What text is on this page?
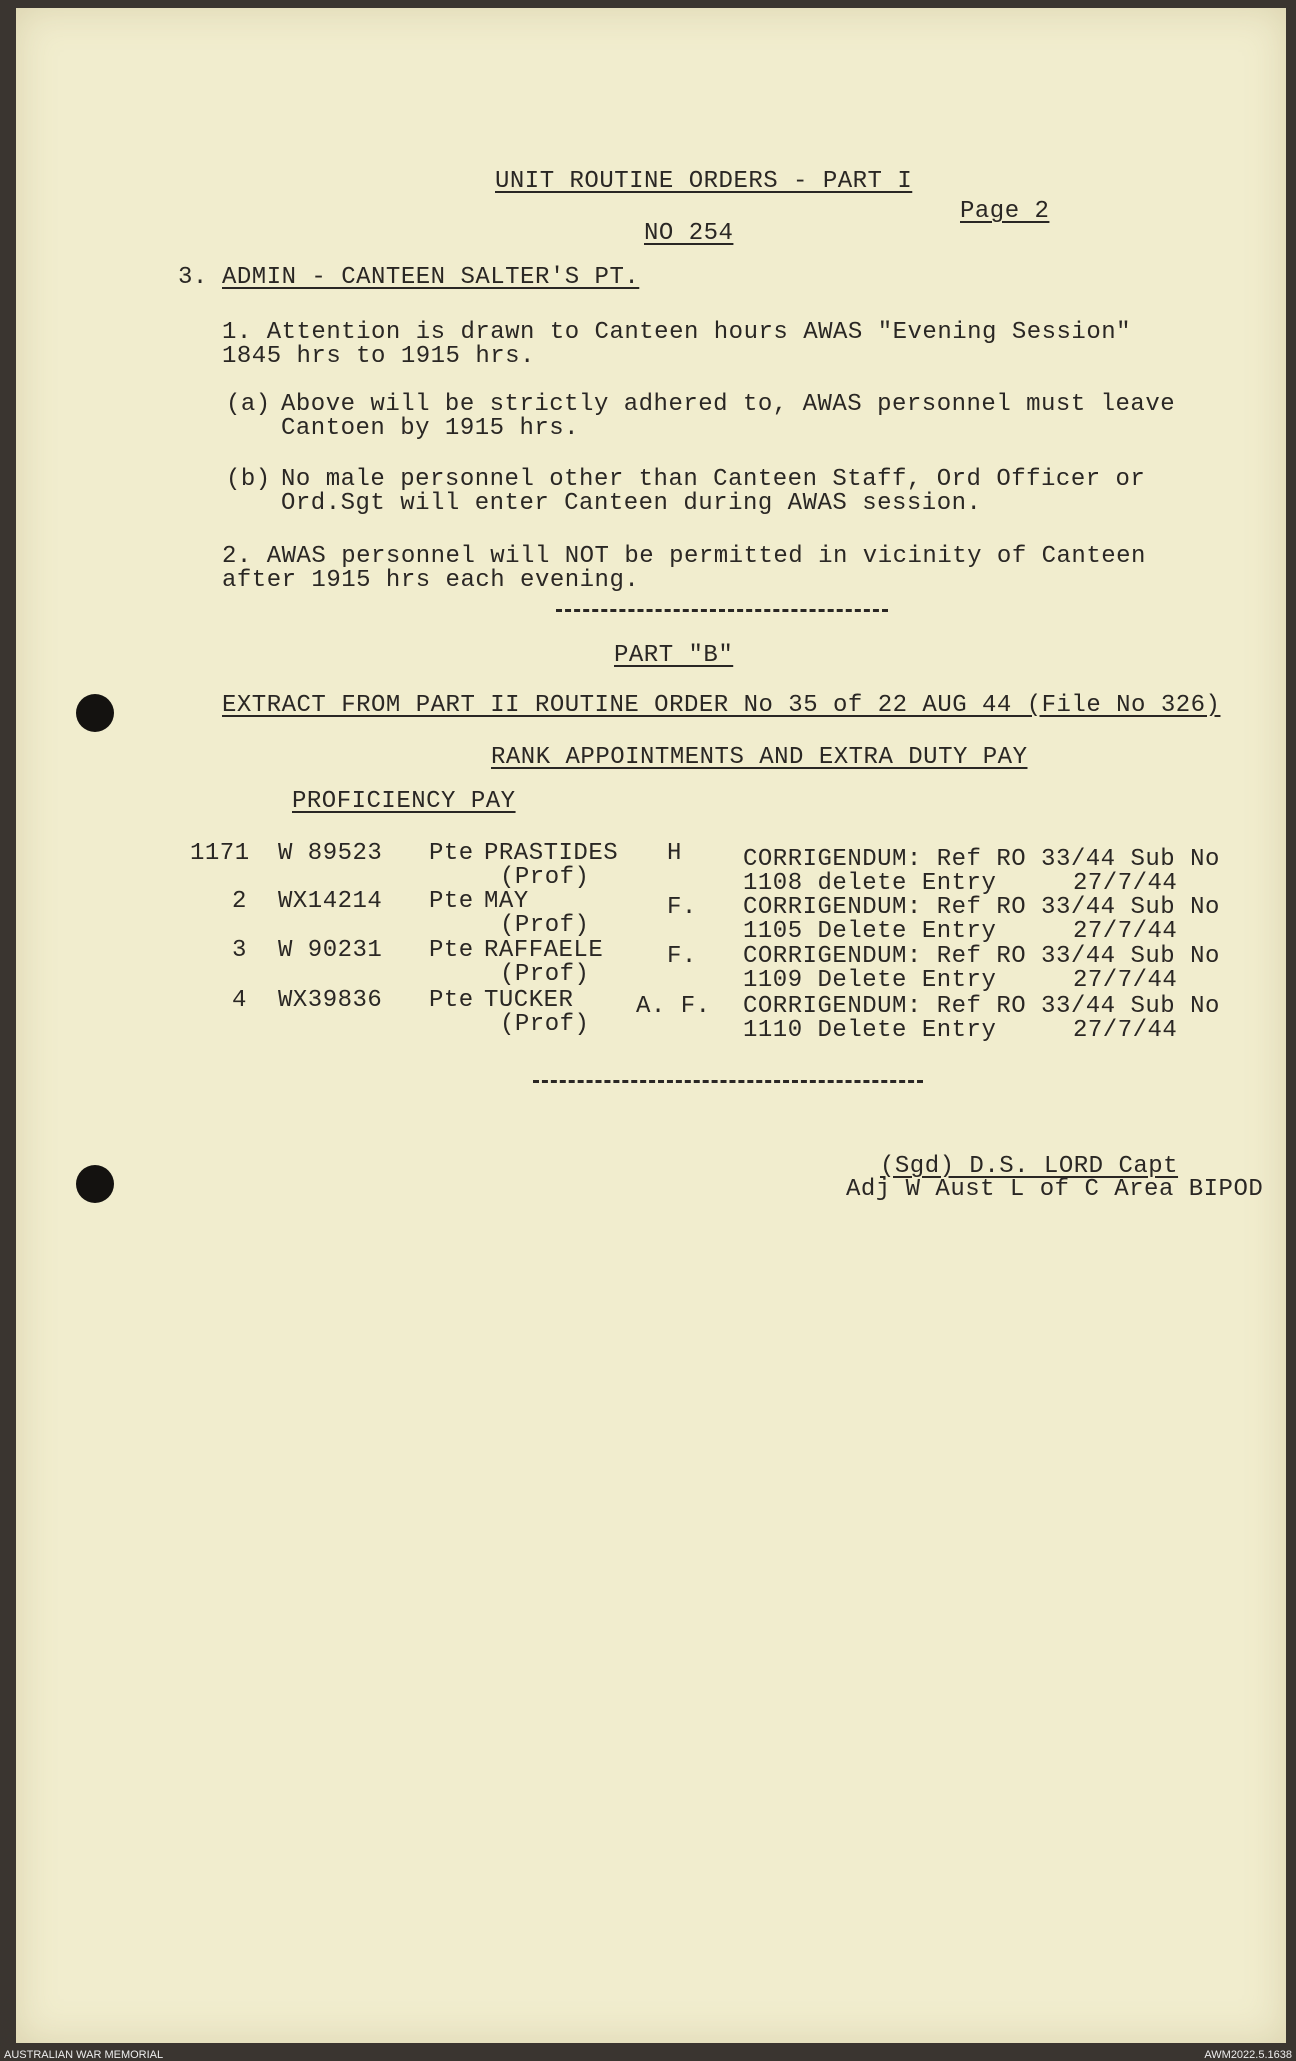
UNIT ROUTINE ORDERS - PART I
Page 2
NO 254
3. ADMIN - CANTEEN SALTER'S PT.
1. Attention is drawn to Canteen hours AWAS "Evening Session"
1845 hrs to 1915 hrs.
(a) Above will be strictly adhered to, AWAS personnel must leave
Cantoen by 1915 hrs.
(b) No male personnel other than Canteen Staff, Ord Officer or
Ord.Sgt will enter Canteen during AWAS session.
2. AWAS personnel will NOT be permitted in vicinity of Canteen
after 1915 hrs each evening.
PART "B"
EXTRACT FROM PART II ROUTINE ORDER No 35 of 22 AUG 44 (File No 326)
RANK APPOINTMENTS AND EXTRA DUTY PAY
PROFICIENCY PAY
1171 W 89523 Pte PRASTIDES
(Prof)
H	CORRIGENDUM: Ref RO 33/44 Sub No
1108 delete Entry	27/7/44
2 WX14214 Pte MAY
(Prof)
F. CORRIGENDUM: Ref RO 33/44 Sub No
1105 Delete Entry	27/7/44
3 W 90231 Pte RAFFAELE
(Prof)
F. CORRIGENDUM: Ref RO 33/44 Sub No
1109 Delete Entry	27/7/44
4 WX39836 Pte TUCKER
(Prof)
A. F. CORRIGENDUM: Ref RO 33/44 Sub No
1110 Delete Entry	27/7/44
(Sgd) D.S. LORD Capt
Adj W Aust L of C Area BIPOD
AUSTRALIAN WAR MEMORIAL	AWM2022.5.1638
